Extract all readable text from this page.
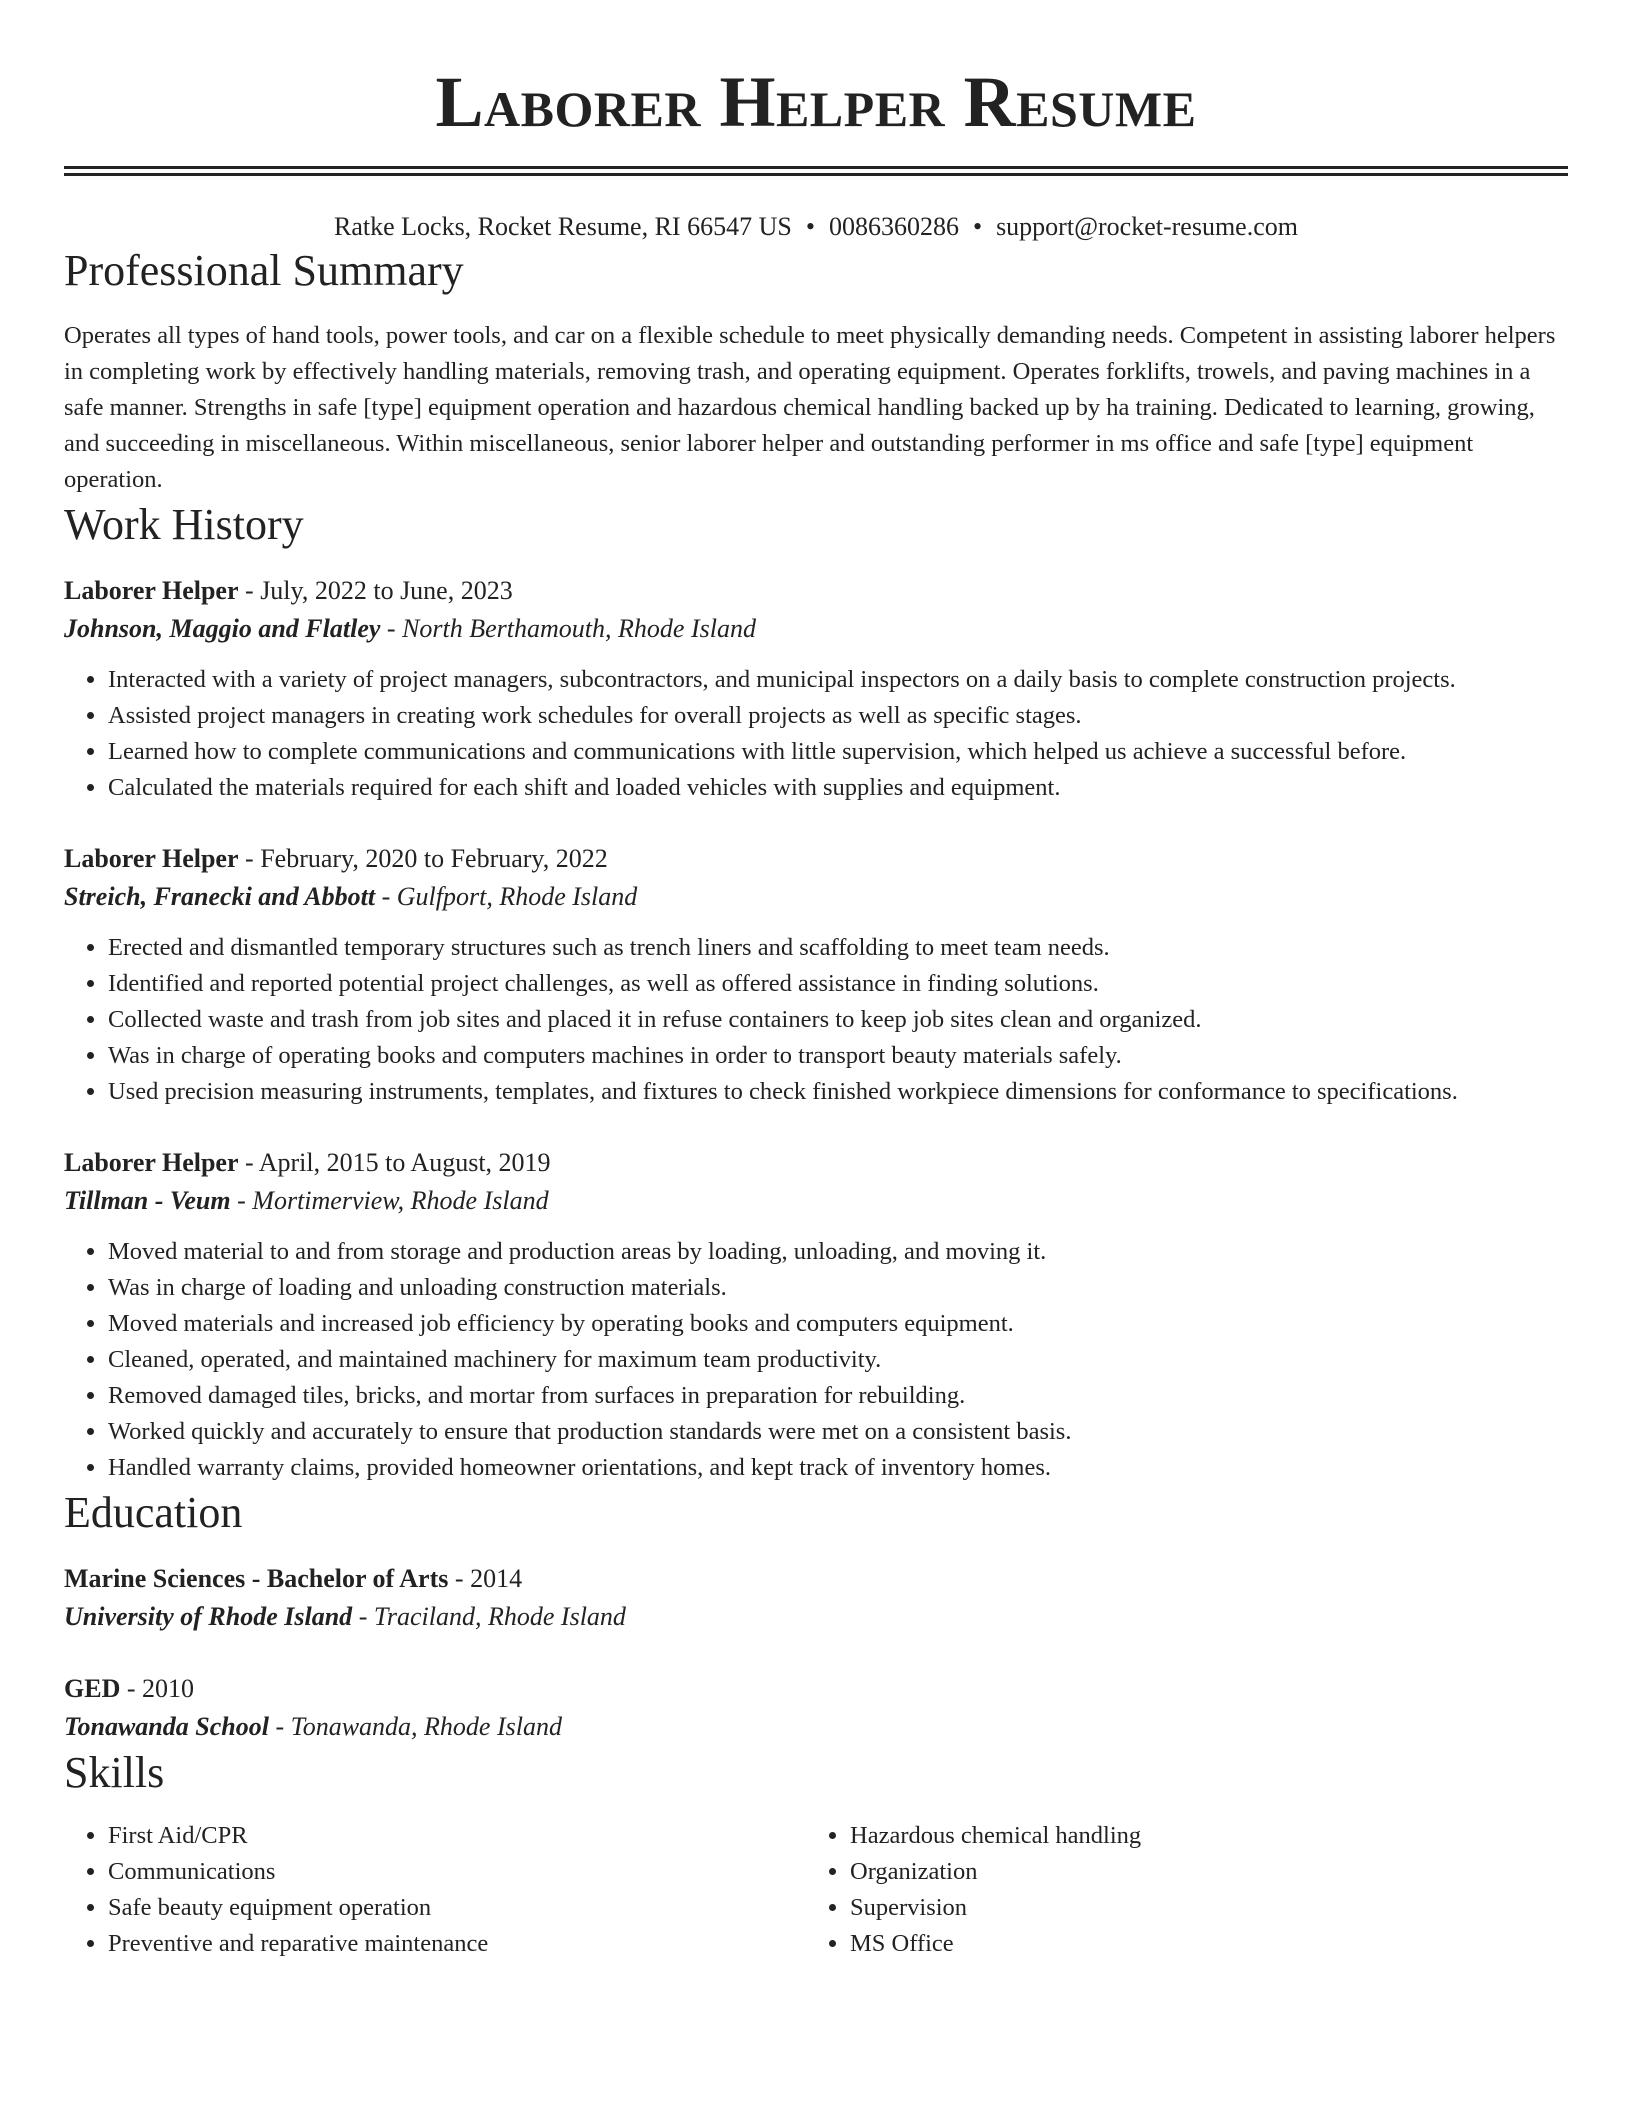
Laborer Helper Resume
Ratke Locks, Rocket Resume, RI 66547 US • 0086360286 • support@rocket-resume.com
Professional Summary

Operates all types of hand tools, power tools, and car on a flexible schedule to meet physically demanding needs. Competent in assisting laborer helpers in completing work by effectively handling materials, removing trash, and operating equipment. Operates forklifts, trowels, and paving machines in a safe manner. Strengths in safe [type] equipment operation and hazardous chemical handling backed up by ha training. Dedicated to learning, growing, and succeeding in miscellaneous. Within miscellaneous, senior laborer helper and outstanding performer in ms office and safe [type] equipment operation.

Work History
Laborer Helper - July, 2022 to June, 2023
Johnson, Maggio and Flatley - North Berthamouth, Rhode Island
• Interacted with a variety of project managers, subcontractors, and municipal inspectors on a daily basis to complete construction projects.
• Assisted project managers in creating work schedules for overall projects as well as specific stages.
• Learned how to complete communications and communications with little supervision, which helped us achieve a successful before.
• Calculated the materials required for each shift and loaded vehicles with supplies and equipment.
Laborer Helper - February, 2020 to February, 2022
Streich, Franecki and Abbott - Gulfport, Rhode Island
• Erected and dismantled temporary structures such as trench liners and scaffolding to meet team needs.
• Identified and reported potential project challenges, as well as offered assistance in finding solutions.
• Collected waste and trash from job sites and placed it in refuse containers to keep job sites clean and organized.
• Was in charge of operating books and computers machines in order to transport beauty materials safely.
• Used precision measuring instruments, templates, and fixtures to check finished workpiece dimensions for conformance to specifications.
Laborer Helper - April, 2015 to August, 2019
Tillman - Veum - Mortimerview, Rhode Island
• Moved material to and from storage and production areas by loading, unloading, and moving it.
• Was in charge of loading and unloading construction materials.
• Moved materials and increased job efficiency by operating books and computers equipment.
• Cleaned, operated, and maintained machinery for maximum team productivity.
• Removed damaged tiles, bricks, and mortar from surfaces in preparation for rebuilding.
• Worked quickly and accurately to ensure that production standards were met on a consistent basis.
• Handled warranty claims, provided homeowner orientations, and kept track of inventory homes.
Education
Marine Sciences - Bachelor of Arts - 2014
University of Rhode Island - Traciland, Rhode Island
GED - 2010
Tonawanda School - Tonawanda, Rhode Island
Skills
• First Aid/CPR
• Communications
• Safe beauty equipment operation
• Preventive and reparative maintenance
• Hazardous chemical handling
• Organization
• Supervision
• MS Office
